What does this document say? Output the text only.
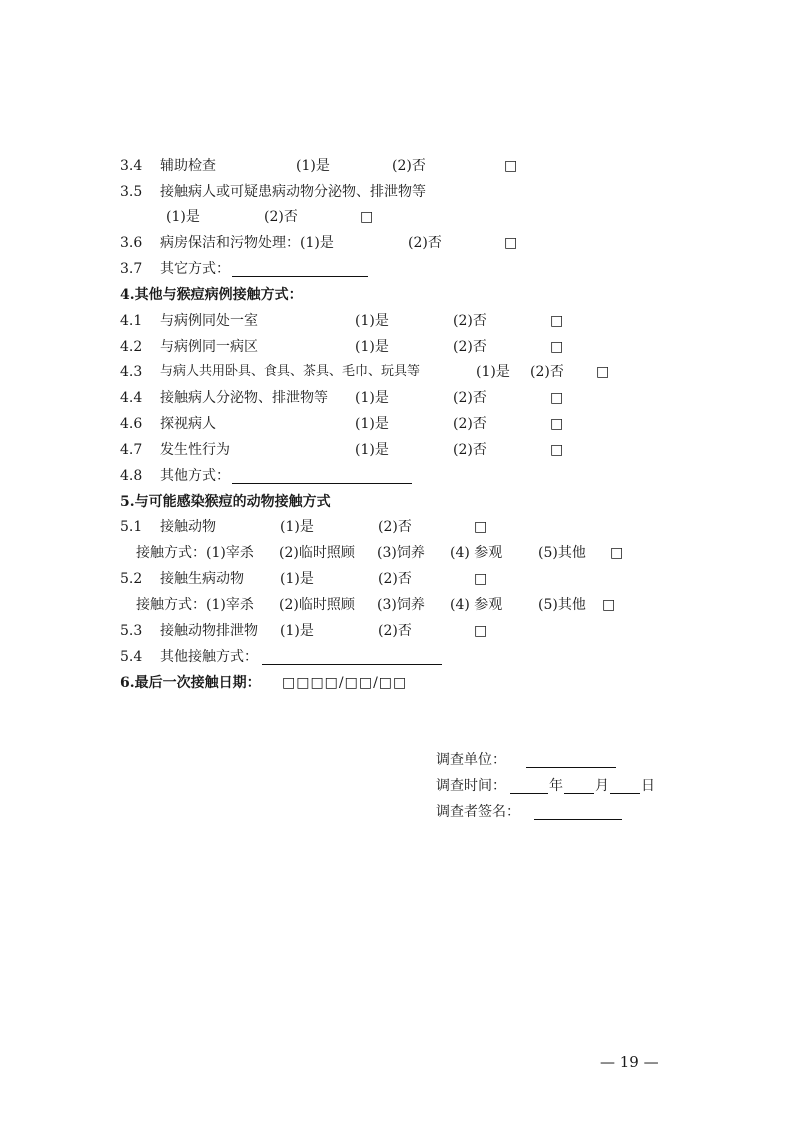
3.4 辅助检查	(1)是	(2)否	□
3.5 接触病人或可疑患病动物分泌物、排泄物等
(1)是	(2)否	□
3.6 病房保洁和污物处理：(1)是	(2)否	□
3.7 其它方式：
4.其他与猴痘病例接触方式：
4.1 与病例同处一室	(1)是	(2)否	□
4.2 与病例同一病区	(1)是	(2)否	□
4.3 与病人共用卧具、食具、茶具、毛巾、玩具等	(1)是 (2)否 □
4.4 接触病人分泌物、排泄物等 (1)是	(2)否	□
4.6 探视病人	(1)是	(2)否	□
4.7 发生性行为	(1)是	(2)否	□
4.8 其他方式：
5.与可能感染猴痘的动物接触方式
5.1 接触动物	(1)是	(2)否	□
接触方式：(1)宰杀 (2)临时照顾 (3)饲养 (4) 参观	(5)其他 □
5.2 接触生病动物	(1)是	(2)否	□
接触方式：(1)宰杀 (2)临时照顾 (3)饲养 (4) 参观	(5)其他 □
5.3 接触动物排泄物 (1)是	(2)否	□
5.4 其他接触方式：
6.最后一次接触日期： □□□□/□□/□□
调查单位：
调查时间：	年 月 日
调查者签名：
— 19 —
